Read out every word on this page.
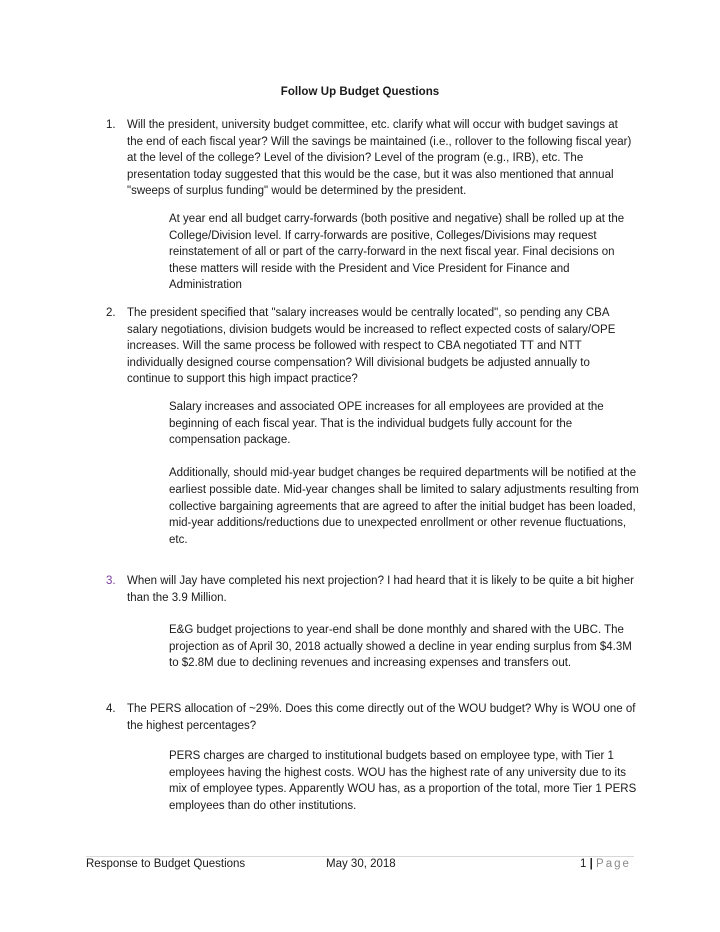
Follow Up Budget Questions
1. Will the president, university budget committee, etc. clarify what will occur with budget savings at the end of each fiscal year? Will the savings be maintained (i.e., rollover to the following fiscal year) at the level of the college? Level of the division? Level of the program (e.g., IRB), etc. The presentation today suggested that this would be the case, but it was also mentioned that annual "sweeps of surplus funding" would be determined by the president.

At year end all budget carry-forwards (both positive and negative) shall be rolled up at the College/Division level. If carry-forwards are positive, Colleges/Divisions may request reinstatement of all or part of the carry-forward in the next fiscal year. Final decisions on these matters will reside with the President and Vice President for Finance and Administration

2. The president specified that "salary increases would be centrally located", so pending any CBA salary negotiations, division budgets would be increased to reflect expected costs of salary/OPE increases. Will the same process be followed with respect to CBA negotiated TT and NTT individually designed course compensation? Will divisional budgets be adjusted annually to continue to support this high impact practice?

Salary increases and associated OPE increases for all employees are provided at the beginning of each fiscal year. That is the individual budgets fully account for the compensation package.

Additionally, should mid-year budget changes be required departments will be notified at the earliest possible date. Mid-year changes shall be limited to salary adjustments resulting from collective bargaining agreements that are agreed to after the initial budget has been loaded, mid-year additions/reductions due to unexpected enrollment or other revenue fluctuations, etc.

3. When will Jay have completed his next projection? I had heard that it is likely to be quite a bit higher than the 3.9 Million.

E&G budget projections to year-end shall be done monthly and shared with the UBC. The projection as of April 30, 2018 actually showed a decline in year ending surplus from $4.3M to $2.8M due to declining revenues and increasing expenses and transfers out.

4. The PERS allocation of ~29%. Does this come directly out of the WOU budget? Why is WOU one of the highest percentages?

PERS charges are charged to institutional budgets based on employee type, with Tier 1 employees having the highest costs. WOU has the highest rate of any university due to its mix of employee types. Apparently WOU has, as a proportion of the total, more Tier 1 PERS employees than do other institutions.

Response to Budget Questions	May 30, 2018	1 | Page
